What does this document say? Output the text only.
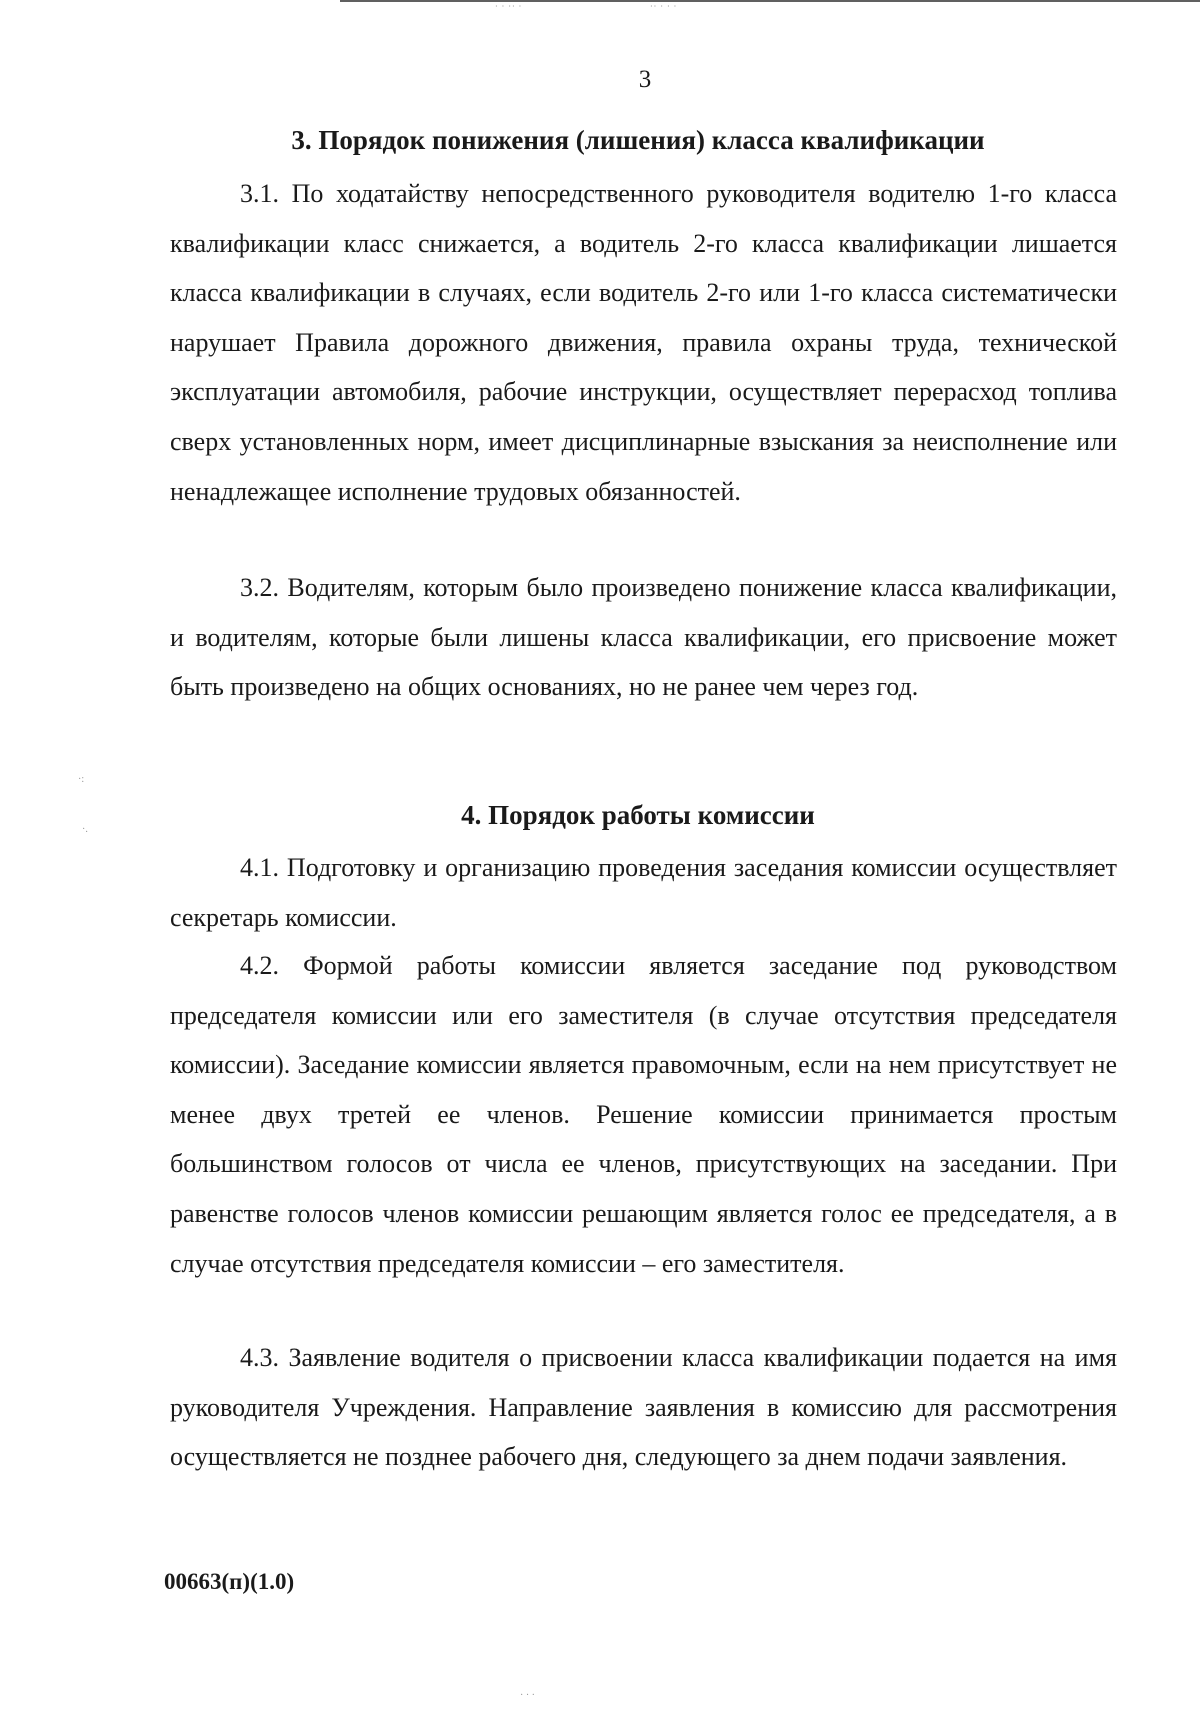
· · ·· ·	·· · · ·
3
3. Порядок понижения (лишения) класса квалификации

3.1. По ходатайству непосредственного руководителя водителю 1-го класса квалификации класс снижается, а водитель 2-го класса квалификации лишается класса квалификации в случаях, если водитель 2-го или 1-го класса систематически нарушает Правила дорожного движения, правила охраны труда, технической эксплуатации автомобиля, рабочие инструкции, осуществляет перерасход топлива сверх установленных норм, имеет дисциплинарные взыскания за неисполнение или ненадлежащее исполнение трудовых обязанностей.

3.2. Водителям, которым было произведено понижение класса квалификации, и водителям, которые были лишены класса квалификации, его присвоение может быть произведено на общих основаниях, но не ранее чем через год.

4. Порядок работы комиссии

4.1. Подготовку и организацию проведения заседания комиссии осуществляет секретарь комиссии.

4.2. Формой работы комиссии является заседание под руководством председателя комиссии или его заместителя (в случае отсутствия председателя комиссии). Заседание комиссии является правомочным, если на нем присутствует не менее двух третей ее членов. Решение комиссии принимается простым большинством голосов от числа ее членов, присутствующих на заседании. При равенстве голосов членов комиссии решающим является голос ее председателя, а в случае отсутствия председателя комиссии – его заместителя.

4.3. Заявление водителя о присвоении класса квалификации подается на имя руководителя Учреждения. Направление заявления в комиссию для рассмотрения осуществляется не позднее рабочего дня, следующего за днем подачи заявления.

00663(п)(1.0)
·:
·.
· · ·
